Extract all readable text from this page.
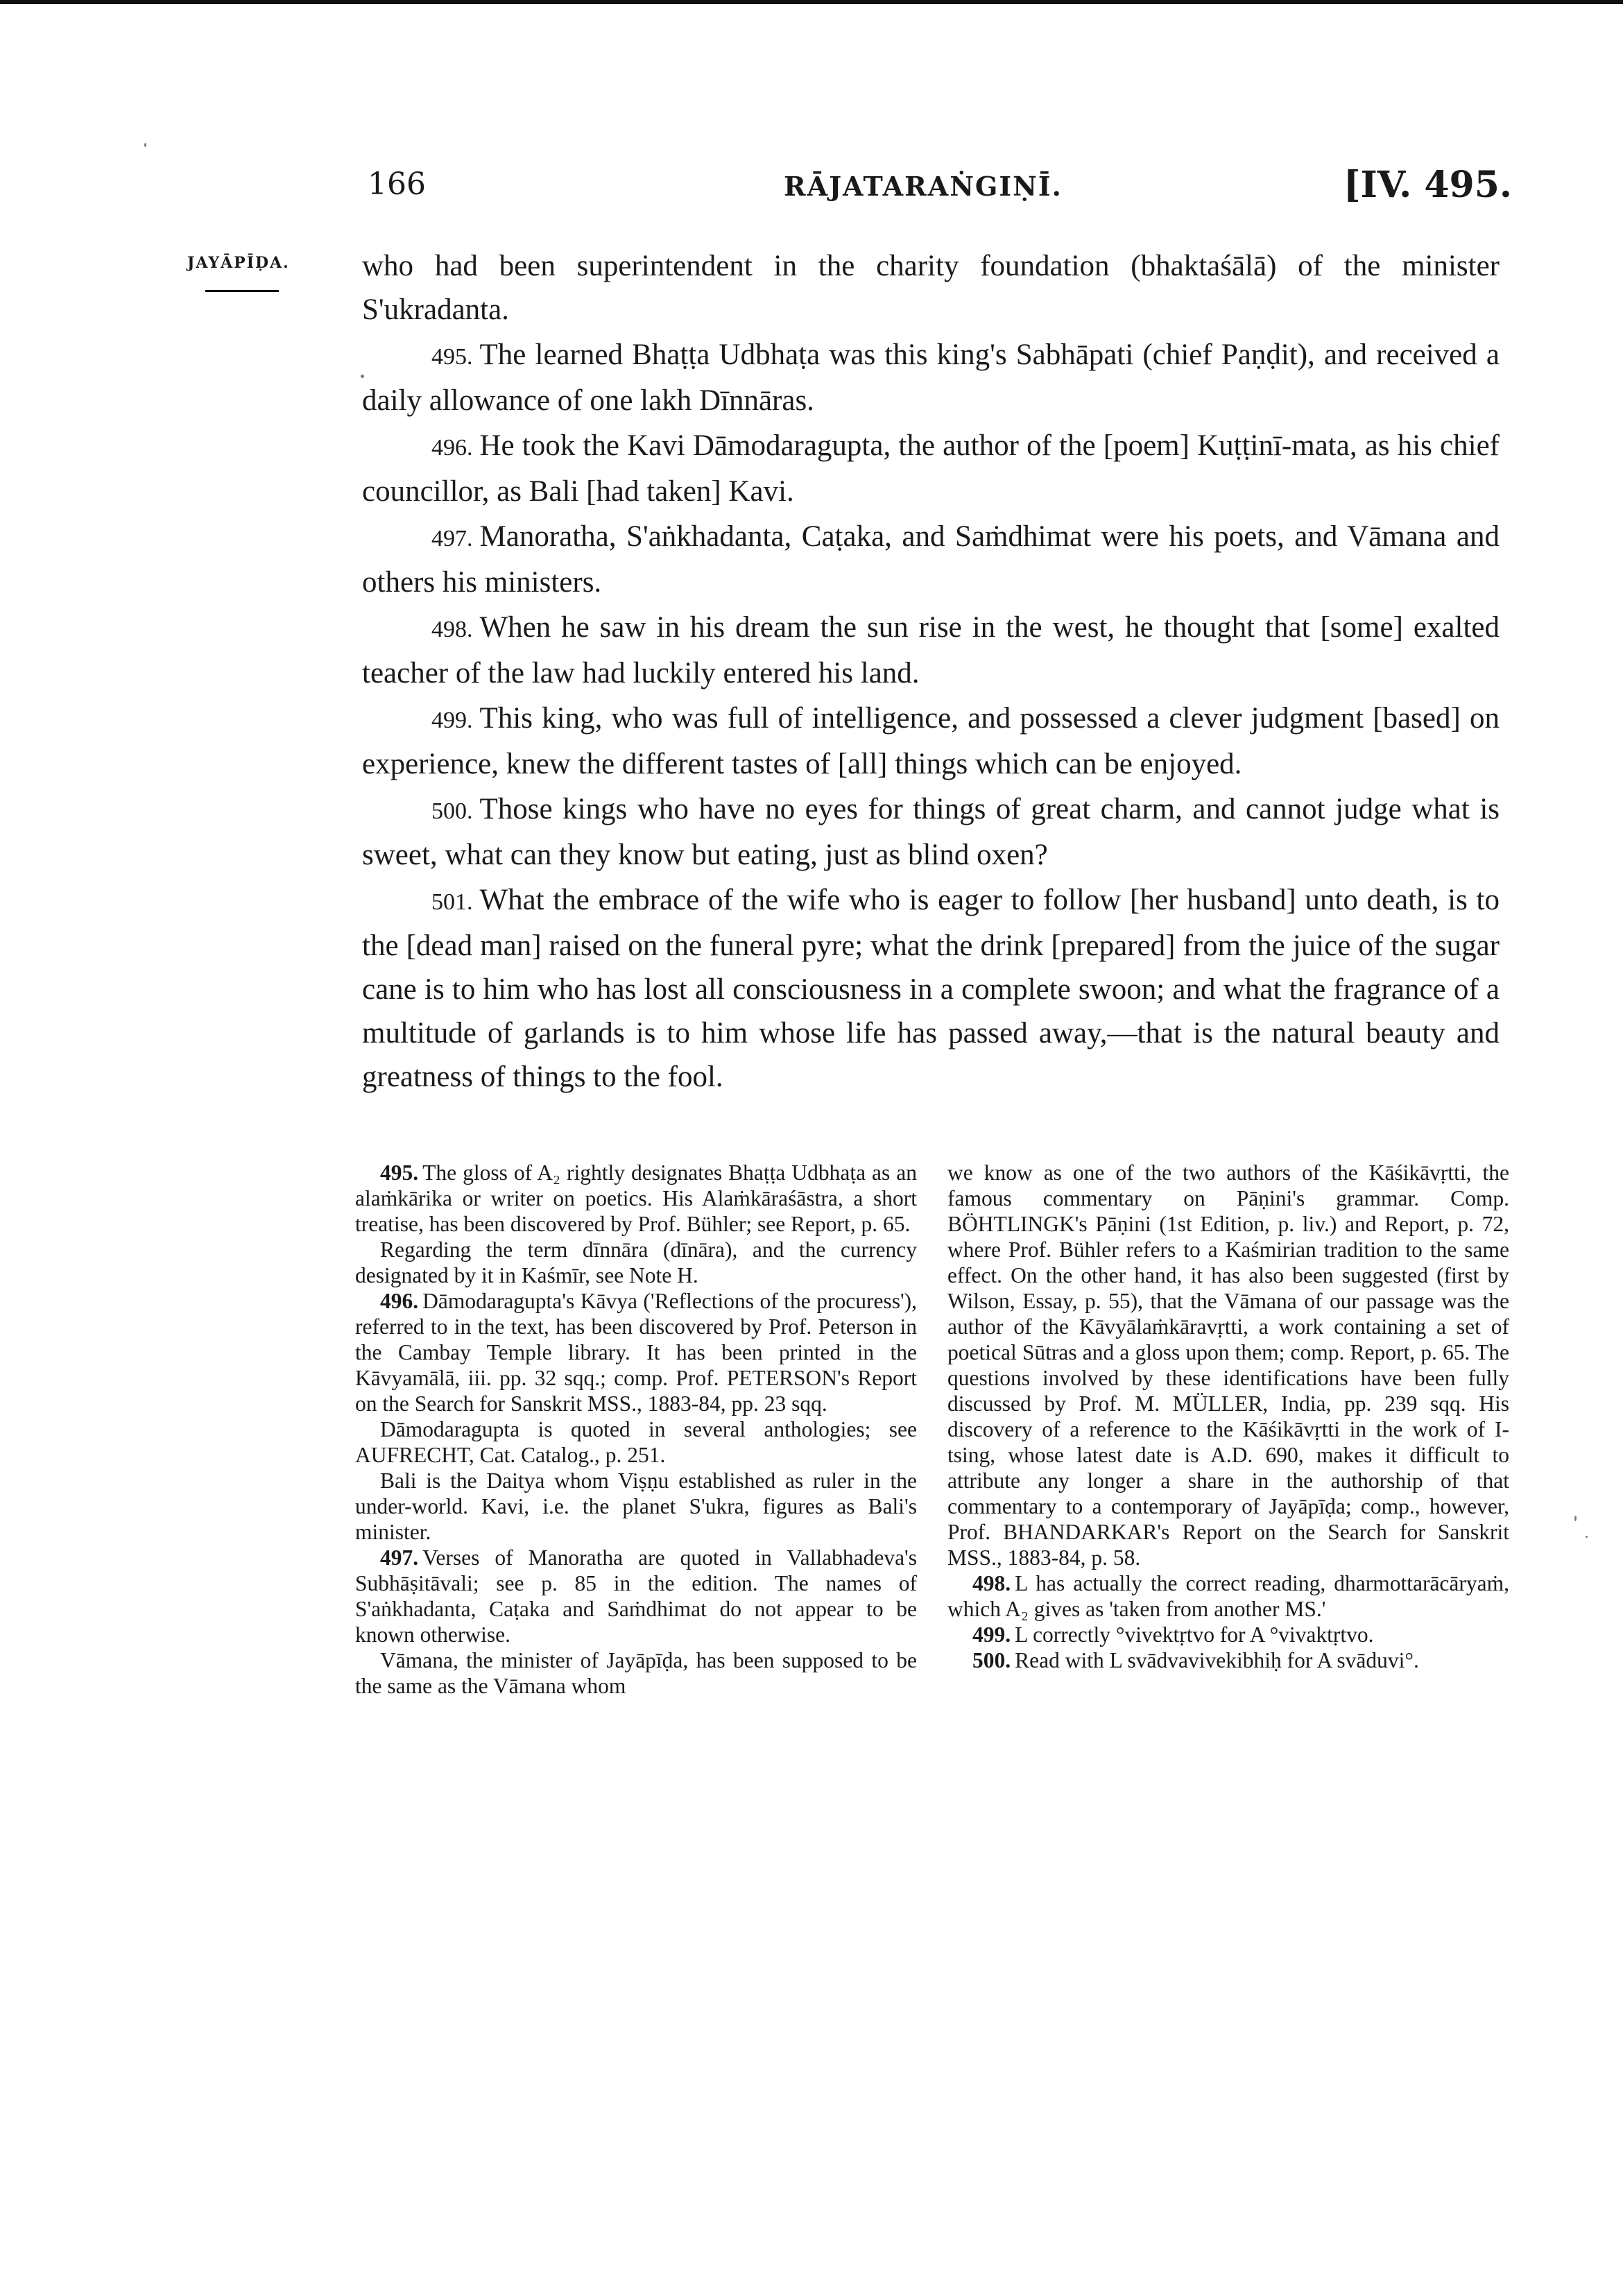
166	RĀJATARAṄGIṆĪ.	[IV. 495.
JAYĀPĪḌA. who had been superintendent in the charity foundation (bhaktaśālā) of the minister S'ukradanta.

495. The learned Bhaṭṭa Udbhaṭa was this king's Sabhāpati (chief Paṇḍit), and received a daily allowance of one lakh Dīnnāras.

496. He took the Kavi Dāmodaragupta, the author of the [poem] Kuṭṭinī-mata, as his chief councillor, as Bali [had taken] Kavi.

497. Manoratha, S'aṅkhadanta, Caṭaka, and Saṁdhimat were his poets, and Vāmana and others his ministers.

498. When he saw in his dream the sun rise in the west, he thought that [some] exalted teacher of the law had luckily entered his land.

499. This king, who was full of intelligence, and possessed a clever judgment [based] on experience, knew the different tastes of [all] things which can be enjoyed.

500. Those kings who have no eyes for things of great charm, and cannot judge what is sweet, what can they know but eating, just as blind oxen?

501. What the embrace of the wife who is eager to follow [her husband] unto death, is to the [dead man] raised on the funeral pyre; what the drink [prepared] from the juice of the sugar cane is to him who has lost all consciousness in a complete swoon; and what the fragrance of a multitude of garlands is to him whose life has passed away,—that is the natural beauty and greatness of things to the fool.

495. The gloss of A₂ rightly designates Bhaṭṭa Udbhaṭa as an alaṁkārika or writer on poetics. His Alaṁkāraśāstra, a short treatise, has been discovered by Prof. Bühler; see Report, p. 65.

Regarding the term dīnnāra (dīnāra), and the currency designated by it in Kaśmīr, see Note H.

496. Dāmodaragupta's Kāvya ('Reflections of the procuress'), referred to in the text, has been discovered by Prof. Peterson in the Cambay Temple library. It has been printed in the Kāvyamālā, iii. pp. 32 sqq.; comp. Prof. PETERSON's Report on the Search for Sanskrit MSS., 1883-84, pp. 23 sqq.

Dāmodaragupta is quoted in several anthologies; see AUFRECHT, Cat. Catalog., p. 251.

Bali is the Daitya whom Viṣṇu established as ruler in the under-world. Kavi, i.e. the planet S'ukra, figures as Bali's minister.

497. Verses of Manoratha are quoted in Vallabhadeva's Subhāṣitāvali; see p. 85 in the edition. The names of S'aṅkhadanta, Caṭaka and Saṁdhimat do not appear to be known otherwise.

Vāmana, the minister of Jayāpīḍa, has been supposed to be the same as the Vāmana whom

we know as one of the two authors of the Kāśikāvṛtti, the famous commentary on Pāṇini's grammar. Comp. BÖHTLINGK's Pāṇini (1st Edition, p. liv.) and Report, p. 72, where Prof. Bühler refers to a Kaśmirian tradition to the same effect. On the other hand, it has also been suggested (first by Wilson, Essay, p. 55), that the Vāmana of our passage was the author of the Kāvyālaṁkāravṛtti, a work containing a set of poetical Sūtras and a gloss upon them; comp. Report, p. 65. The questions involved by these identifications have been fully discussed by Prof. M. MÜLLER, India, pp. 239 sqq. His discovery of a reference to the Kāśikāvṛtti in the work of I-tsing, whose latest date is A.D. 690, makes it difficult to attribute any longer a share in the authorship of that commentary to a contemporary of Jayāpīḍa; comp., however, Prof. BHANDARKAR's Report on the Search for Sanskrit MSS., 1883-84, p. 58.

498. L has actually the correct reading, dharmottarācāryaṁ, which A₂ gives as 'taken from another MS.'

499. L correctly °vivektṛtvo for A °vivaktṛtvo.

500. Read with L svādvavivekibhiḥ for A svāduvi°.
